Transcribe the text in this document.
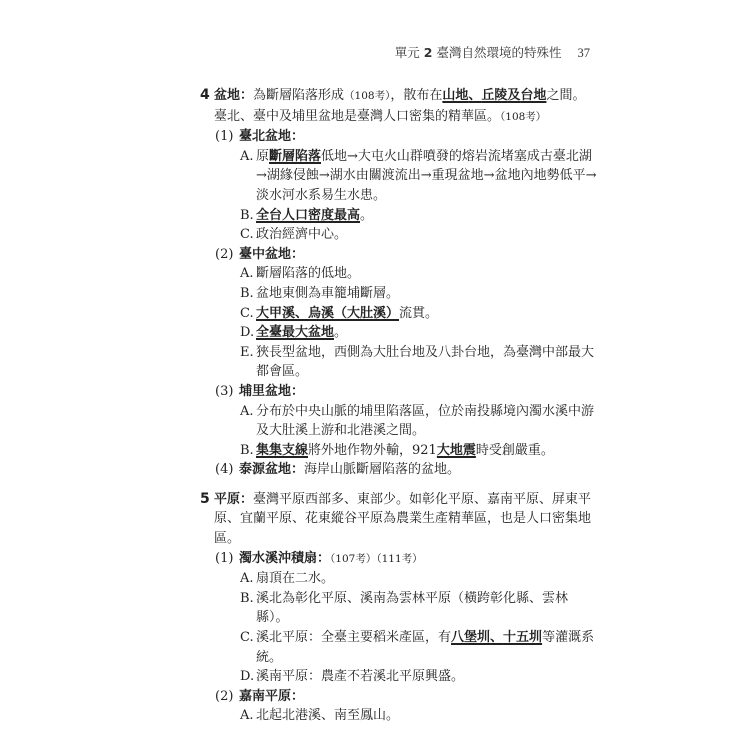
單元 2 臺灣自然環境的特殊性 37
4 盆地：為斷層陷落形成（108考），散布在山地、丘陵及台地之間。
臺北、臺中及埔里盆地是臺灣人口密集的精華區。（108考）
(1) 臺北盆地：
A. 原斷層陷落低地→大屯火山群噴發的熔岩流堵塞成古臺北湖→湖緣侵蝕→湖水由關渡流出→重現盆地→盆地內地勢低平→淡水河水系易生水患。
B. 全台人口密度最高。
C. 政治經濟中心。
(2) 臺中盆地：
A. 斷層陷落的低地。
B. 盆地東側為車籠埔斷層。
C. 大甲溪、烏溪（大肚溪）流貫。
D. 全臺最大盆地。
E. 狹長型盆地，西側為大肚台地及八卦台地，為臺灣中部最大都會區。
(3) 埔里盆地：
A. 分布於中央山脈的埔里陷落區，位於南投縣境內濁水溪中游及大肚溪上游和北港溪之間。
B. 集集支線將外地作物外輸，921大地震時受創嚴重。
(4) 泰源盆地：海岸山脈斷層陷落的盆地。
5 平原：臺灣平原西部多、東部少。如彰化平原、嘉南平原、屏東平原、宜蘭平原、花東縱谷平原為農業生產精華區，也是人口密集地區。
(1) 濁水溪沖積扇：（107考）（111考）
A. 扇頂在二水。
B. 溪北為彰化平原、溪南為雲林平原（橫跨彰化縣、雲林縣）。
C. 溪北平原：全臺主要稻米產區，有八堡圳、十五圳等灌溉系統。
D. 溪南平原：農產不若溪北平原興盛。
(2) 嘉南平原：
A. 北起北港溪、南至鳳山。
